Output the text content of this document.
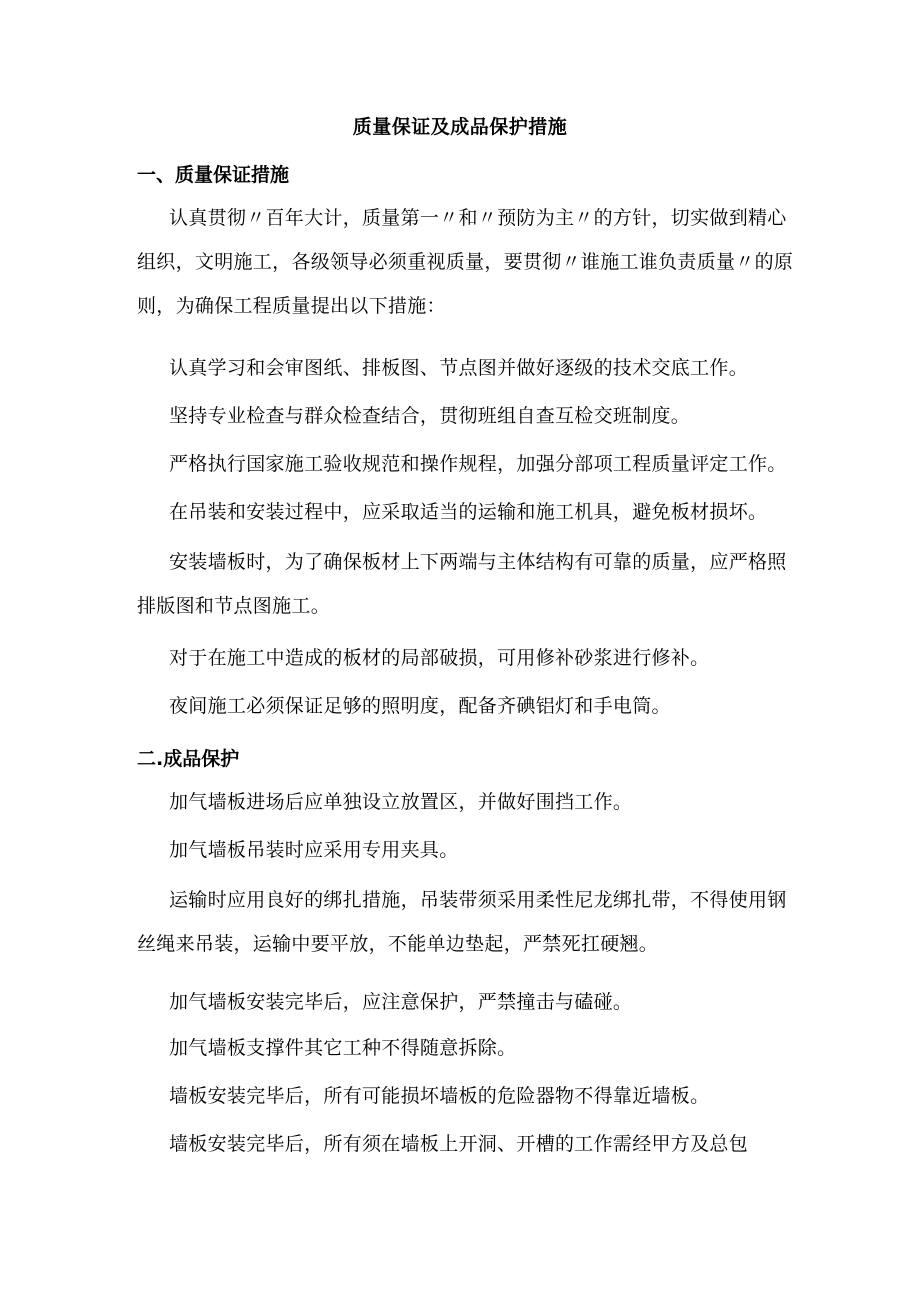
质量保证及成品保护措施
一、质量保证措施

认真贯彻〃百年大计，质量第一〃和〃预防为主〃的方针，切实做到精心组织，文明施工，各级领导必须重视质量，要贯彻〃谁施工谁负责质量〃的原则，为确保工程质量提出以下措施：

认真学习和会审图纸、排板图、节点图并做好逐级的技术交底工作。

坚持专业检查与群众检查结合，贯彻班组自查互检交班制度。

严格执行国家施工验收规范和操作规程，加强分部项工程质量评定工作。

在吊装和安装过程中，应采取适当的运输和施工机具，避免板材损坏。

安装墙板时，为了确保板材上下两端与主体结构有可靠的质量，应严格照排版图和节点图施工。

对于在施工中造成的板材的局部破损，可用修补砂浆进行修补。

夜间施工必须保证足够的照明度，配备齐碘铝灯和手电筒。

二.成品保护

加气墙板进场后应单独设立放置区，并做好围挡工作。

加气墙板吊装时应采用专用夹具。

运输时应用良好的绑扎措施，吊装带须采用柔性尼龙绑扎带，不得使用钢丝绳来吊装，运输中要平放，不能单边垫起，严禁死扛硬翘。

加气墙板安装完毕后，应注意保护，严禁撞击与磕碰。

加气墙板支撑件其它工种不得随意拆除。

墙板安装完毕后，所有可能损坏墙板的危险器物不得靠近墙板。

墙板安装完毕后，所有须在墙板上开洞、开槽的工作需经甲方及总包
